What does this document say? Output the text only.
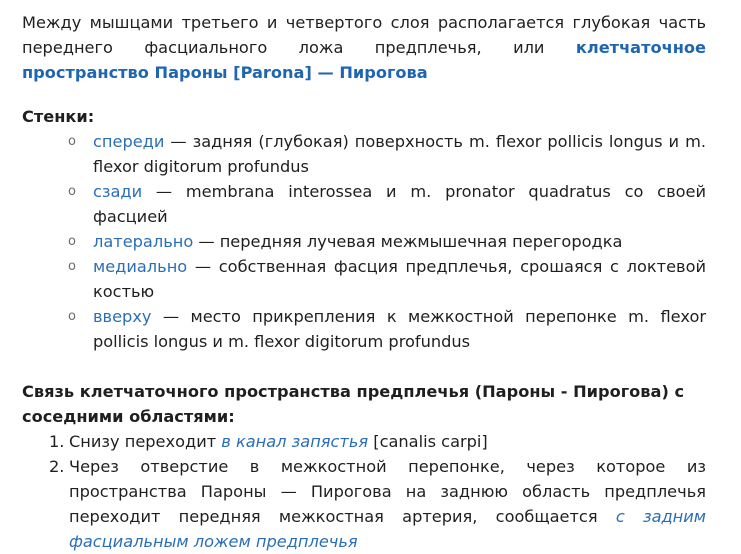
Между мышцами третьего и четвертого слоя располагается глубокая часть переднего фасциального ложа предплечья, или клетчаточное пространство Пароны [Parona] — Пирогова

Стенки:
o спереди — задняя (глубокая) поверхность m. flexor pollicis longus и m. flexor digitorum profundus
o сзади — membrana interossea и m. pronator quadratus со своей фасцией
o латерально — передняя лучевая межмышечная перегородка
o медиально — собственная фасция предплечья, срошаяся с локтевой костью
o вверху — место прикрепления к межкостной перепонке m. flexor pollicis longus и m. flexor digitorum profundus
Связь клетчаточного пространства предплечья (Пароны - Пирогова) с соседними областями:
1. Снизу переходит в канал запястья [canalis carpi]
2. Через отверстие в межкостной перепонке, через которое из пространства Пароны — Пирогова на заднюю область предплечья переходит передняя межкостная артерия, сообщается с задним фасциальным ложем предплечья
